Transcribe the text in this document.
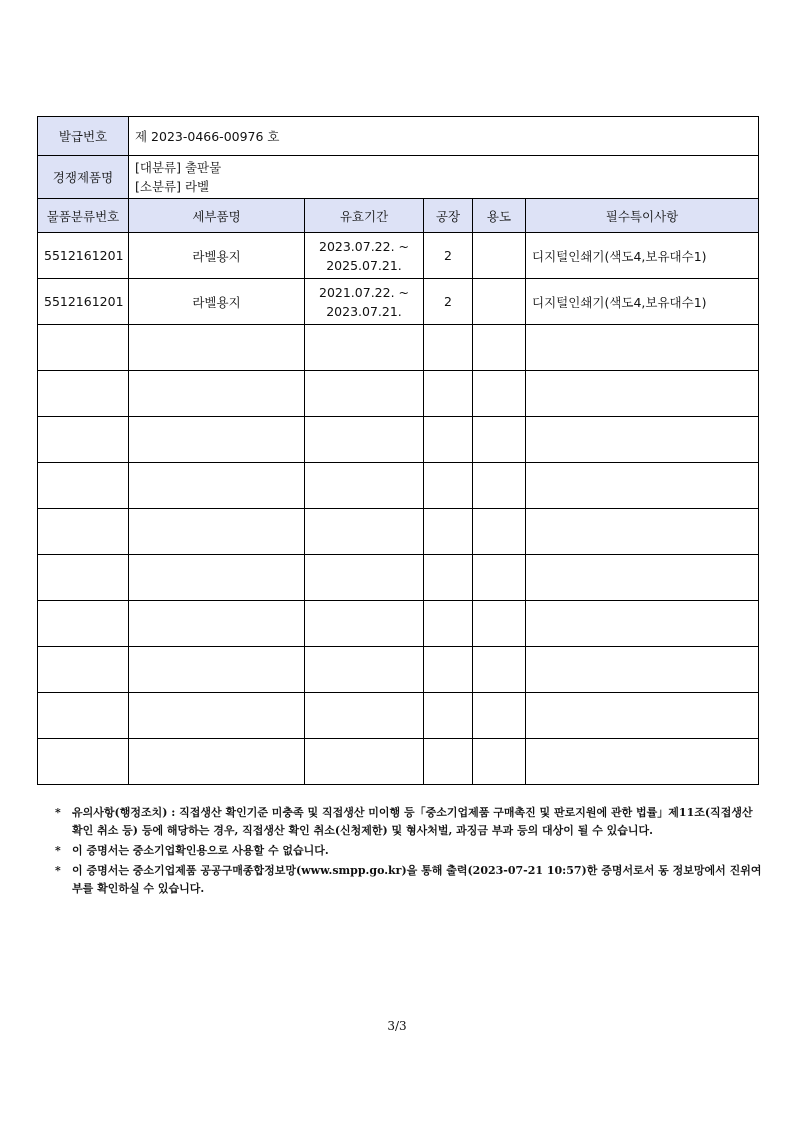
발급번호	제 2023-0466-00976 호				
경쟁제품명	[대분류] 출판물
[소분류] 라벨				

물품분류번호	세부품명	유효기간	공장	용도	필수특이사항
5512161201	라벨용지	2023.07.22. ~
2025.07.21.	2		디지털인쇄기(색도4,보유대수1)
5512161201	라벨용지	2021.07.22. ~
2023.07.21.	2		디지털인쇄기(색도4,보유대수1)

* 유의사항(행정조치) : 직접생산 확인기준 미충족 및 직접생산 미이행 등「중소기업제품 구매촉진 및 판로지원에 관한 법률」제11조(직접생산 확인 취소 등) 등에 해당하는 경우, 직접생산 확인 취소(신청제한) 및 형사처벌, 과징금 부과 등의 대상이 될 수 있습니다.

* 이 증명서는 중소기업확인용으로 사용할 수 없습니다.

* 이 증명서는 중소기업제품 공공구매종합정보망(www.smpp.go.kr)을 통해 출력(2023-07-21 10:57)한 증명서로서 동 정보망에서 진위여부를 확인하실 수 있습니다.

3/3
